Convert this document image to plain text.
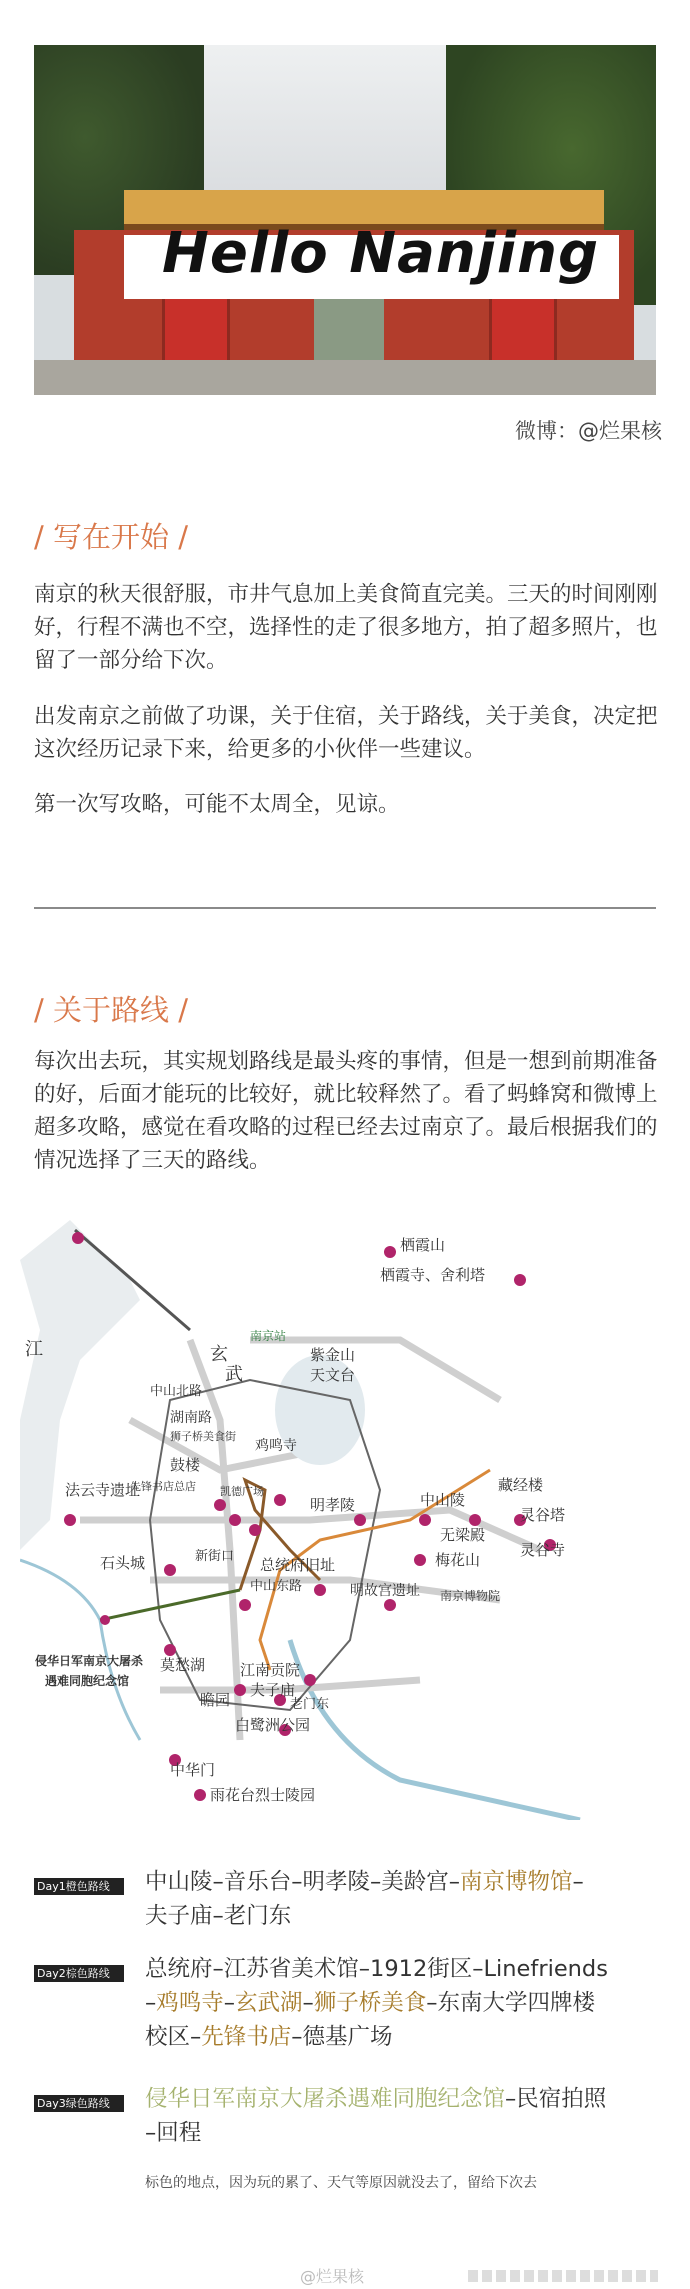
Hello Nanjing
微博：@烂果核
/ 写在开始 /

南京的秋天很舒服，市井气息加上美食简直完美。三天的时间刚刚好，行程不满也不空，选择性的走了很多地方，拍了超多照片，也留了一部分给下次。

出发南京之前做了功课，关于住宿，关于路线，关于美食，决定把这次经历记录下来，给更多的小伙伴一些建议。

第一次写攻略，可能不太周全，见谅。

/ 关于路线 /

每次出去玩，其实规划路线是最头疼的事情，但是一想到前期准备的好，后面才能玩的比较好，就比较释然了。看了蚂蜂窝和微博上超多攻略，感觉在看攻略的过程已经去过南京了。最后根据我们的情况选择了三天的路线。

栖霞山
栖霞寺、舍利塔
南京站
紫金山
天文台
江
中山北路
湖南路
狮子桥美食街
玄
武
鸡鸣寺
法云寺遗址
鼓楼
先锋书店总店 凯德广场
石头城
明孝陵	中山陵
藏经楼
灵谷塔
灵谷寺
无梁殿
梅花山
新街口 总统府旧址
中山东路	明故宫遗址 南京博物院
莫愁湖
侵华日军南京大屠杀
遇难同胞纪念馆
江南贡院
夫子庙
老门东
瞻园
白鹭洲公园
中华门
雨花台烈士陵园
Day1橙色路线	中山陵–音乐台–明孝陵–美龄宫–南京博物馆–
夫子庙–老门东
Day2棕色路线	总统府–江苏省美术馆–1912街区–Linefriends
–鸡鸣寺–玄武湖–狮子桥美食–东南大学四牌楼
校区–先锋书店–德基广场
Day3绿色路线	侵华日军南京大屠杀遇难同胞纪念馆–民宿拍照
–回程
标色的地点，因为玩的累了、天气等原因就没去了，留给下次去
@烂果核
